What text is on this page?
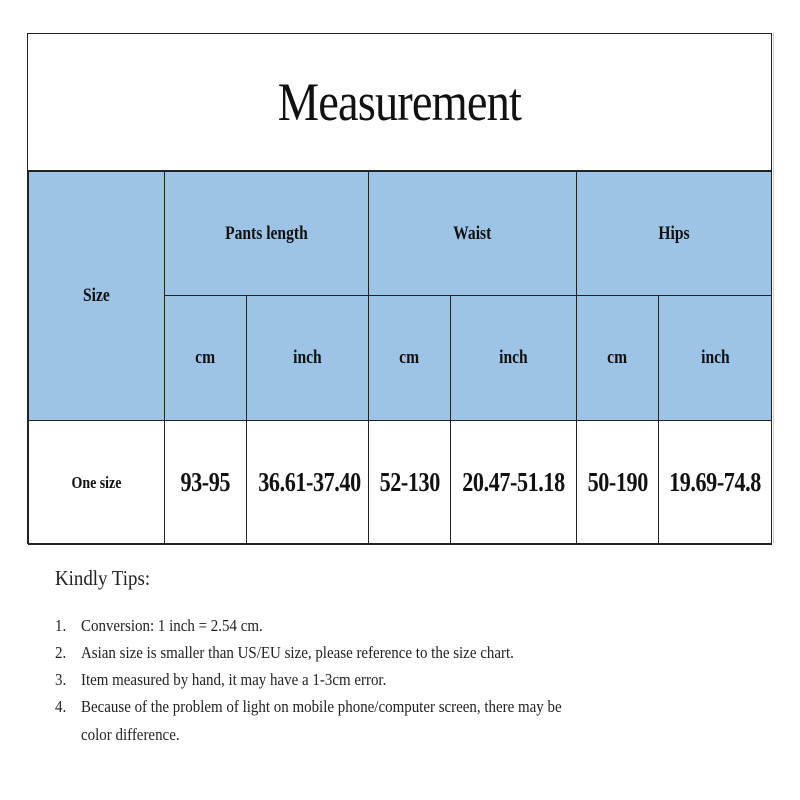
Measurement
Size	Pants length		Waist		Hips	
	cm	inch	cm	inch	cm	inch
One size	93-95	36.61-37.40	52-130	20.47-51.18	50-190	19.69-74.8
Kindly Tips:
1. Conversion: 1 inch = 2.54 cm.
2. Asian size is smaller than US/EU size, please reference to the size chart.
3. Item measured by hand, it may have a 1-3cm error.
4. Because of the problem of light on mobile phone/computer screen, there may be
color difference.
